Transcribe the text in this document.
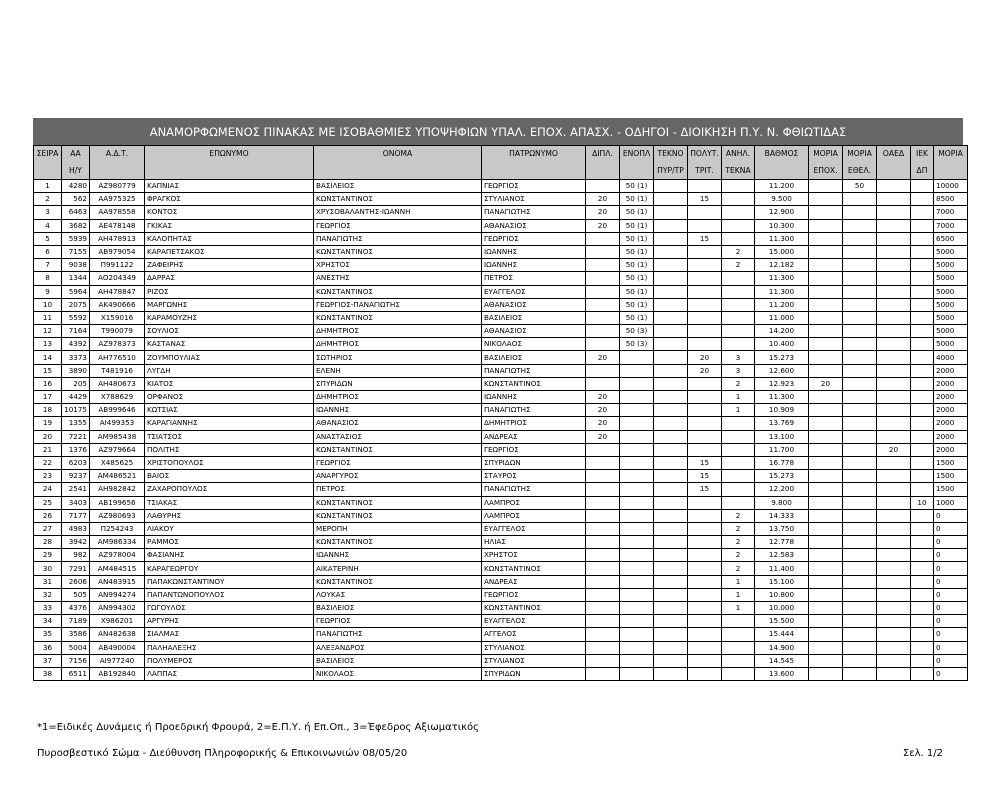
ΑΝΑΜΟΡΦΩΜΕΝΟΣ ΠΙΝΑΚΑΣ ΜΕ ΙΣΟΒΑΘΜΙΕΣ ΥΠΟΨΗΦΙΩΝ ΥΠΑΛ. ΕΠΟΧ. ΑΠΑΣΧ. - ΟΔΗΓΟΙ - ΔΙΟΙΚΗΣΗ Π.Υ. Ν. ΦΘΙΩΤΙΔΑΣ
ΣΕΙΡΑ	ΑΑ	Α.Δ.Τ.	ΕΠΩΝΥΜΟ	ΟΝΟΜΑ	ΠΑΤΡΩΝΥΜΟ	ΔΙΠΛ.	ΕΝΟΠΛ	ΤΕΚΝΟ	ΠΟΛΥΤ.	ΑΝΗΛ.	ΒΑΘΜΟΣ	ΜΟΡΙΑ	ΜΟΡΙΑ	ΟΑΕΔ	ΙΕΚ	ΜΟΡΙΑ
	Η/Υ							ΠΥΡ/ΤΡ	ΤΡΙΤ.	ΤΕΚΝΑ		ΕΠΟΧ.	ΕΘΕΛ.		ΔΠ	
1	4280	ΑΖ980779	ΚΑΠΝΙΑΣ	ΒΑΣΙΛΕΙΟΣ	ΓΕΩΡΓΙΟΣ		50 (1)				11.200		50			10000
2	562	ΑΑ975325	ΦΡΑΓΚΟΣ	ΚΩΝΣΤΑΝΤΙΝΟΣ	ΣΤΥΛΙΑΝΟΣ	20	50 (1)		15		9.500					8500
3	6463	ΑΑ978558	ΚΟΝΤΟΣ	ΧΡΥΣΟΒΑΛΑΝΤΗΣ-ΙΩΑΝΝΗ	ΠΑΝΑΓΙΩΤΗΣ	20	50 (1)				12.900					7000
4	3682	ΑΕ478148	ΓΚΙΚΑΣ	ΓΕΩΡΓΙΟΣ	ΑΘΑΝΑΣΙΟΣ	20	50 (1)				10.300					7000
5	5939	ΑΗ478913	ΚΑΛΟΠΗΤΑΣ	ΠΑΝΑΓΙΩΤΗΣ	ΓΕΩΡΓΙΟΣ		50 (1)		15		11.300					6500
6	7155	ΑΒ979054	ΚΑΡΑΠΕΤΣΑΚΟΣ	ΚΩΝΣΤΑΝΤΙΝΟΣ	ΙΩΑΝΝΗΣ		50 (1)			2	15.000					5000
7	9038	Π991122	ΖΑΦΕΙΡΗΣ	ΧΡΗΣΤΟΣ	ΙΩΑΝΝΗΣ		50 (1)			2	12.182					5000
8	1344	ΑΟ204349	ΔΑΡΡΑΣ	ΑΝΕΣΤΗΣ	ΠΕΤΡΟΣ		50 (1)				11.300					5000
9	5964	ΑΗ478847	ΡΙΖΟΣ	ΚΩΝΣΤΑΝΤΙΝΟΣ	ΕΥΑΓΓΕΛΟΣ		50 (1)				11.300					5000
10	2075	ΑΚ490666	ΜΑΡΓΩΝΗΣ	ΓΕΩΡΓΙΟΣ-ΠΑΝΑΓΙΩΤΗΣ	ΑΘΑΝΑΣΙΟΣ		50 (1)				11.200					5000
11	5592	Χ159016	ΚΑΡΑΜΟΥΖΗΣ	ΚΩΝΣΤΑΝΤΙΝΟΣ	ΒΑΣΙΛΕΙΟΣ		50 (1)				11.000					5000
12	7164	Τ990079	ΣΟΥΛΙΟΣ	ΔΗΜΗΤΡΙΟΣ	ΑΘΑΝΑΣΙΟΣ		50 (3)				14.200					5000
13	4392	ΑΖ978373	ΚΑΣΤΑΝΑΣ	ΔΗΜΗΤΡΙΟΣ	ΝΙΚΟΛΑΟΣ		50 (3)				10.400					5000
14	3373	ΑΗ776510	ΖΟΥΜΠΟΥΛΙΑΣ	ΣΩΤΗΡΙΟΣ	ΒΑΣΙΛΕΙΟΣ	20			20	3	15.273					4000
15	3890	Τ481916	ΛΥΓΔΗ	ΕΛΕΝΗ	ΠΑΝΑΓΙΩΤΗΣ				20	3	12.600					2000
16	205	ΑΗ480673	ΚΙΑΤΟΣ	ΣΠΥΡΙΔΩΝ	ΚΩΝΣΤΑΝΤΙΝΟΣ					2	12.923	20				2000
17	4429	Χ788629	ΟΡΦΑΝΟΣ	ΔΗΜΗΤΡΙΟΣ	ΙΩΑΝΝΗΣ	20				1	11.300					2000
18	10175	ΑΒ999646	ΚΩΤΣΙΑΣ	ΙΩΑΝΝΗΣ	ΠΑΝΑΓΙΩΤΗΣ	20				1	10.909					2000
19	1355	ΑΙ499353	ΚΑΡΑΓΙΑΝΝΗΣ	ΑΘΑΝΑΣΙΟΣ	ΔΗΜΗΤΡΙΟΣ	20					13.769					2000
20	7221	ΑΜ985438	ΤΣΙΑΤΣΟΣ	ΑΝΑΣΤΑΣΙΟΣ	ΑΝΔΡΕΑΣ	20					13.100					2000
21	1376	ΑΖ979664	ΠΟΛΙΤΗΣ	ΚΩΝΣΤΑΝΤΙΝΟΣ	ΓΕΩΡΓΙΟΣ						11.700			20		2000
22	6203	Χ485625	ΧΡΙΣΤΟΠΟΥΛΟΣ	ΓΕΩΡΓΙΟΣ	ΣΠΥΡΙΔΩΝ				15		16.778					1500
23	9237	ΑΜ486521	ΒΑΙΟΣ	ΑΝΑΡΓΥΡΟΣ	ΣΤΑΥΡΟΣ				15		15.273					1500
24	2541	ΑΗ982842	ΖΑΧΑΡΟΠΟΥΛΟΣ	ΠΕΤΡΟΣ	ΠΑΝΑΓΙΩΤΗΣ				15		12.200					1500
25	3403	ΑΒ199656	ΤΣΙΑΚΑΣ	ΚΩΝΣΤΑΝΤΙΝΟΣ	ΛΑΜΠΡΟΣ						9.800				10	1000
26	7177	ΑΖ980693	ΛΑΘΥΡΗΣ	ΚΩΝΣΤΑΝΤΙΝΟΣ	ΛΑΜΠΡΟΣ					2	14.333					0
27	4983	Π254243	ΛΙΑΚΟΥ	ΜΕΡΟΠΗ	ΕΥΑΓΓΕΛΟΣ					2	13.750					0
28	3942	ΑΜ986334	ΡΑΜΜΟΣ	ΚΩΝΣΤΑΝΤΙΝΟΣ	ΗΛΙΑΣ					2	12.778					0
29	982	ΑΖ978004	ΦΑΣΙΑΝΗΣ	ΙΩΑΝΝΗΣ	ΧΡΗΣΤΟΣ					2	12.583					0
30	7291	ΑΜ484515	ΚΑΡΑΓΕΩΡΓΟΥ	ΑΙΚΑΤΕΡΙΝΗ	ΚΩΝΣΤΑΝΤΙΝΟΣ					2	11.400					0
31	2606	ΑΝ483915	ΠΑΠΑΚΩΝΣΤΑΝΤΙΝΟΥ	ΚΩΝΣΤΑΝΤΙΝΟΣ	ΑΝΔΡΕΑΣ					1	15.100					0
32	505	ΑΝ994274	ΠΑΠΑΝΤΩΝΟΠΟΥΛΟΣ	ΛΟΥΚΑΣ	ΓΕΩΡΓΙΟΣ					1	10.800					0
33	4376	ΑΝ994302	ΓΩΓΟΥΛΟΣ	ΒΑΣΙΛΕΙΟΣ	ΚΩΝΣΤΑΝΤΙΝΟΣ					1	10.000					0
34	7189	Χ986201	ΑΡΓΥΡΗΣ	ΓΕΩΡΓΙΟΣ	ΕΥΑΓΓΕΛΟΣ						15.500					0
35	3586	ΑΝ482638	ΣΙΑΛΜΑΣ	ΠΑΝΑΓΙΩΤΗΣ	ΑΓΓΕΛΟΣ						15.444					0
36	5004	ΑΒ490004	ΠΑΛΗΑΛΕΞΗΣ	ΑΛΕΞΑΝΔΡΟΣ	ΣΤΥΛΙΑΝΟΣ						14.900					0
37	7156	ΑΙ977240	ΠΟΛΥΜΕΡΟΣ	ΒΑΣΙΛΕΙΟΣ	ΣΤΥΛΙΑΝΟΣ						14.545					0
38	6511	ΑΒ192840	ΛΑΠΠΑΣ	ΝΙΚΟΛΑΟΣ	ΣΠΥΡΙΔΩΝ						13.600					0
*1=Ειδικές Δυνάμεις ή Προεδρική Φρουρά, 2=Ε.Π.Υ. ή Επ.Οπ., 3=Έφεδρος Αξιωματικός
Πυροσβεστικό Σώμα - Διεύθυνση Πληροφορικής & Επικοινωνιών 08/05/20	Σελ. 1/2
